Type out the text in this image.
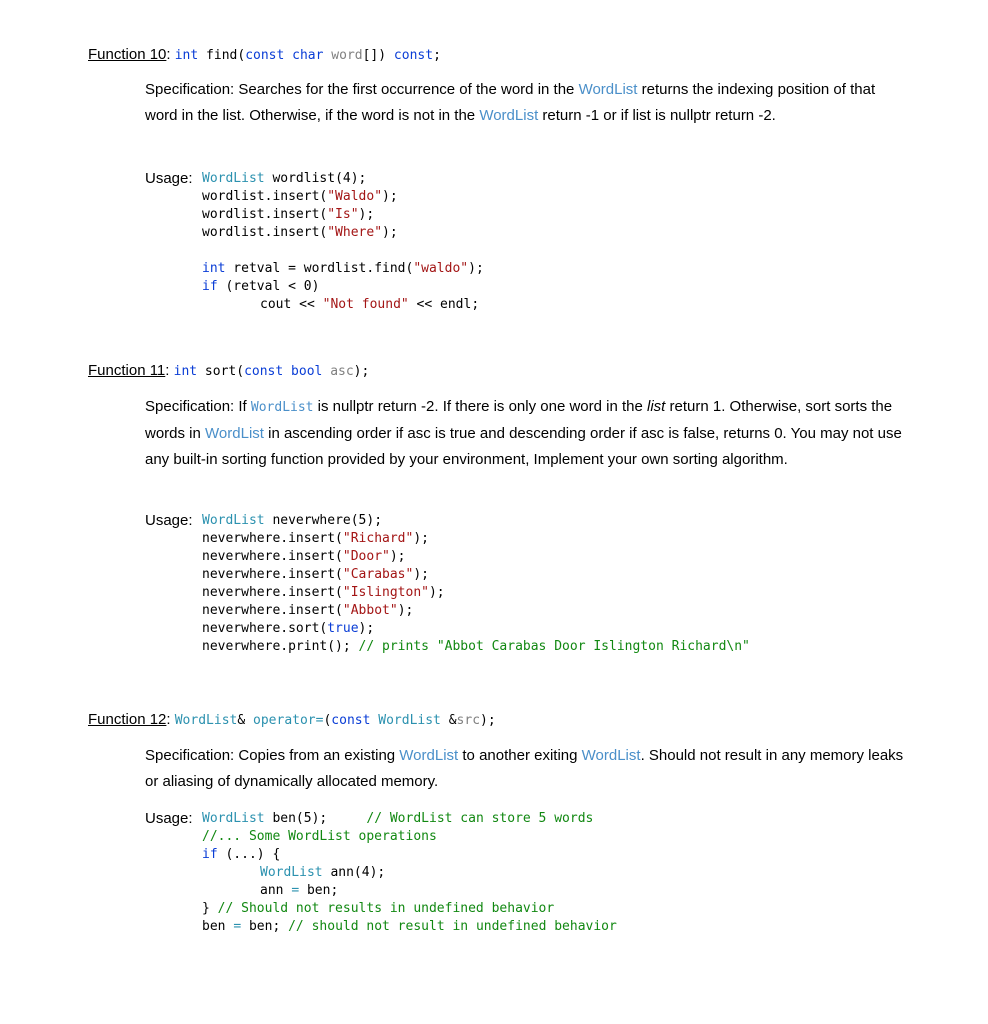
Function 10: int find(const char word[]) const;
Specification: Searches for the first occurrence of the word in the WordList returns the indexing position of that word in the list. Otherwise, if the word is not in the WordList return -1 or if list is nullptr return -2.
Usage: WordList wordlist(4);
wordlist.insert("Waldo");
wordlist.insert("Is");
wordlist.insert("Where");

int retval = wordlist.find("waldo");
if (retval < 0)
cout << "Not found" << endl;
Function 11: int sort(const bool asc);
Specification: If WordList is nullptr return -2. If there is only one word in the list return 1. Otherwise, sort sorts the words in WordList in ascending order if asc is true and descending order if asc is false, returns 0. You may not use any built-in sorting function provided by your environment, Implement your own sorting algorithm.
Usage: WordList neverwhere(5);
neverwhere.insert("Richard");
neverwhere.insert("Door");
neverwhere.insert("Carabas");
neverwhere.insert("Islington");
neverwhere.insert("Abbot");
neverwhere.sort(true);
neverwhere.print(); // prints "Abbot Carabas Door Islington Richard\n"
Function 12: WordList& operator=(const WordList &src);
Specification: Copies from an existing WordList to another exiting WordList. Should not result in any memory leaks or aliasing of dynamically allocated memory.
Usage: WordList ben(5);     // WordList can store 5 words
//... Some WordList operations
if (...) {
WordList ann(4);
ann = ben;
} // Should not results in undefined behavior
ben = ben; // should not result in undefined behavior
